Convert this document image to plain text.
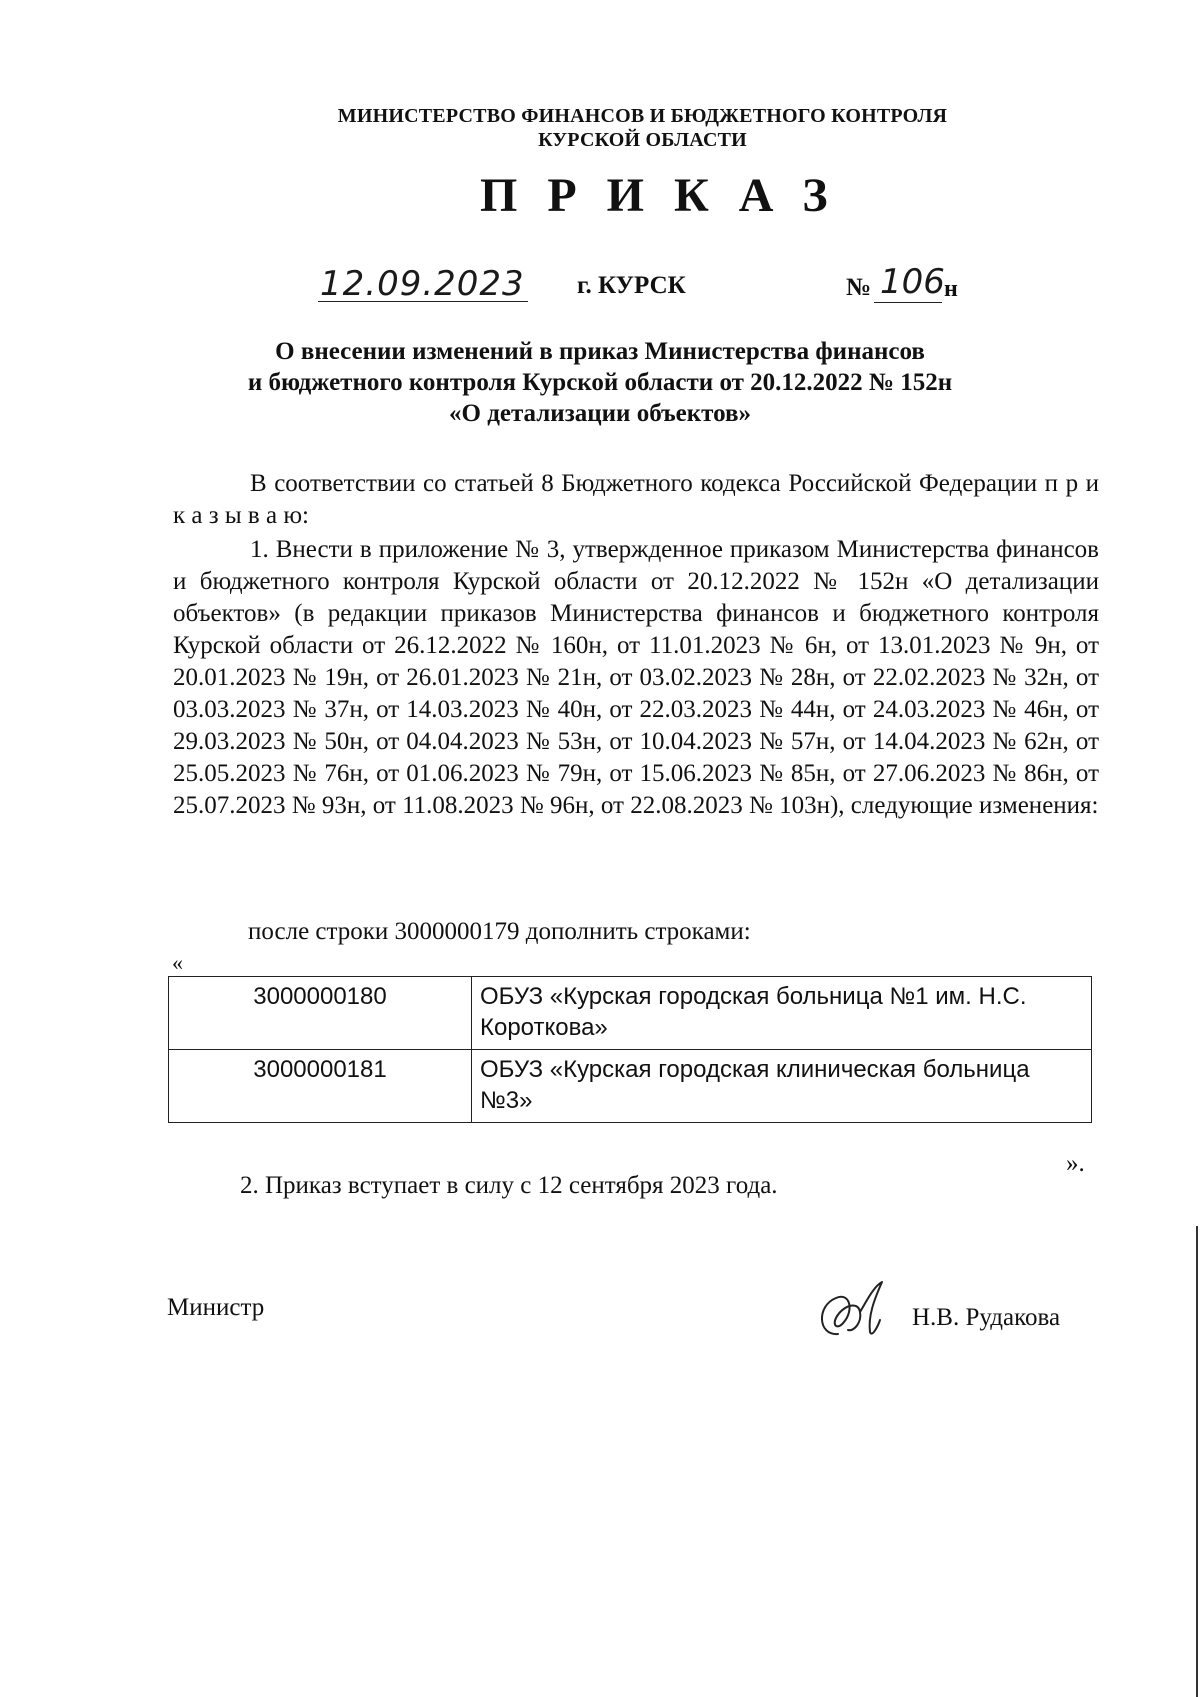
МИНИСТЕРСТВО ФИНАНСОВ И БЮДЖЕТНОГО КОНТРОЛЯ

КУРСКОЙ ОБЛАСТИ
ПРИКАЗ
12.09.2023 г. КУРСК	№ 106 н
О внесении изменений в приказ Министерства финансов
и бюджетного контроля Курской области от 20.12.2022 № 152н
«О детализации объектов»
В соответствии со статьей 8 Бюджетного кодекса Российской Федерации п р и к а з ы в а ю:
1. Внести в приложение № 3, утвержденное приказом Министерства финансов и бюджетного контроля Курской области от 20.12.2022 № 152н «О детализации объектов» (в редакции приказов Министерства финансов и бюджетного контроля Курской области от 26.12.2022 № 160н, от 11.01.2023 № 6н, от 13.01.2023 № 9н, от 20.01.2023 № 19н, от 26.01.2023 № 21н, от 03.02.2023 № 28н, от 22.02.2023 № 32н, от 03.03.2023 № 37н, от 14.03.2023 № 40н, от 22.03.2023 № 44н, от 24.03.2023 № 46н, от 29.03.2023 № 50н, от 04.04.2023 № 53н, от 10.04.2023 № 57н, от 14.04.2023 № 62н, от 25.05.2023 № 76н, от 01.06.2023 № 79н, от 15.06.2023 № 85н, от 27.06.2023 № 86н, от 25.07.2023 № 93н, от 11.08.2023 № 96н, от 22.08.2023 № 103н), следующие изменения:
после строки 3000000179 дополнить строками:
«
3000000180	ОБУЗ «Курская городская больница №1 им. Н.С. Короткова»
3000000181	ОБУЗ «Курская городская клиническая больница №3»
».
2. Приказ вступает в силу с 12 сентября 2023 года.
Министр	Н.В. Рудакова
